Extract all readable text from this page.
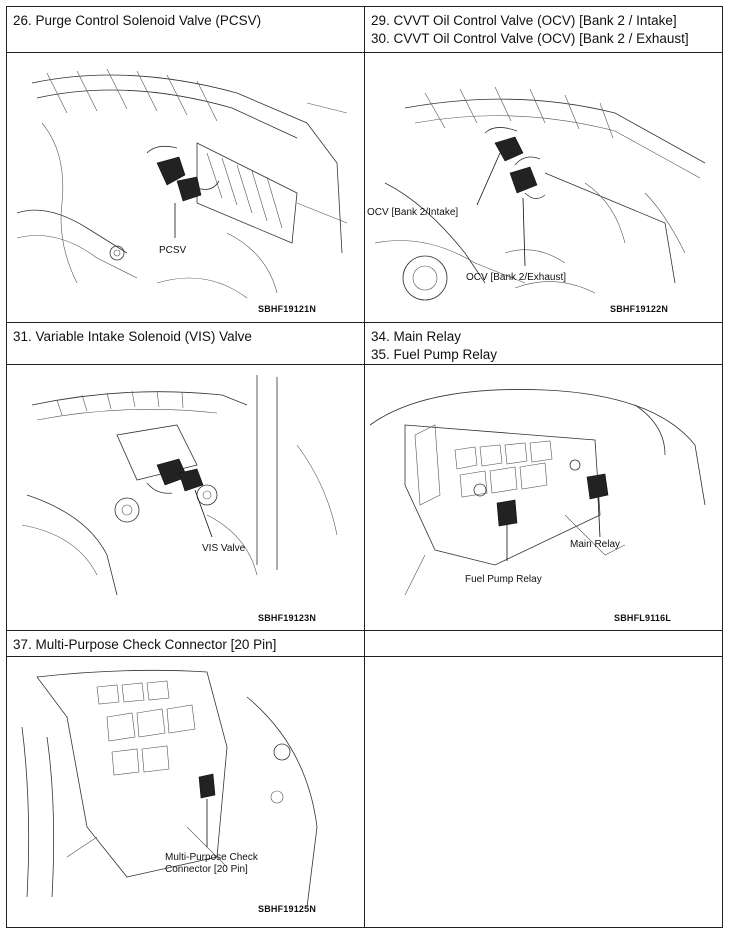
26. Purge Control Solenoid Valve (PCSV)	29. CVVT Oil Control Valve (OCV) [Bank 2 / Intake]
30. CVVT Oil Control Valve (OCV) [Bank 2 / Exhaust]
31. Variable Intake Solenoid (VIS) Valve	34. Main Relay
35. Fuel Pump Relay
37. Multi-Purpose Check Connector [20 Pin]
PCSV
OCV [Bank 2/Intake]
OCV [Bank 2/Exhaust]
VIS Valve	Main Relay
Fuel Pump Relay
Multi-Purpose Check
Connector [20 Pin]
SBHF19121N	SBHF19122N
SBHF19123N	SBHFL9116L
SBHF19125N
